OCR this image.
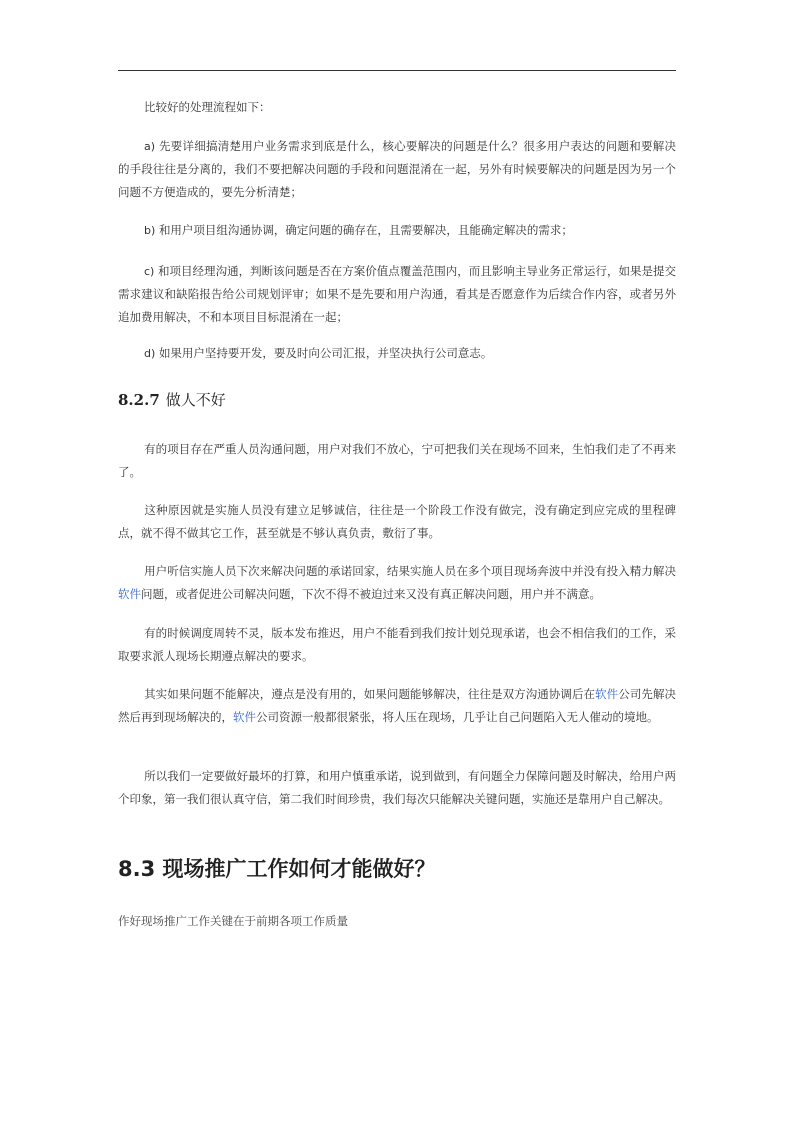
比较好的处理流程如下：

a) 先要详细搞清楚用户业务需求到底是什么，核心要解决的问题是什么？很多用户表达的问题和要解决的手段往往是分离的，我们不要把解决问题的手段和问题混淆在一起，另外有时候要解决的问题是因为另一个问题不方便造成的，要先分析清楚；

b) 和用户项目组沟通协调，确定问题的确存在，且需要解决，且能确定解决的需求；

c) 和项目经理沟通，判断该问题是否在方案价值点覆盖范围内，而且影响主导业务正常运行，如果是提交需求建议和缺陷报告给公司规划评审；如果不是先要和用户沟通，看其是否愿意作为后续合作内容，或者另外追加费用解决，不和本项目目标混淆在一起；

d) 如果用户坚持要开发，要及时向公司汇报，并坚决执行公司意志。

8.2.7 做人不好

有的项目存在严重人员沟通问题，用户对我们不放心，宁可把我们关在现场不回来，生怕我们走了不再来了。

这种原因就是实施人员没有建立足够诚信，往往是一个阶段工作没有做完，没有确定到应完成的里程碑点，就不得不做其它工作，甚至就是不够认真负责，敷衍了事。

用户听信实施人员下次来解决问题的承诺回家，结果实施人员在多个项目现场奔波中并没有投入精力解决软件问题，或者促进公司解决问题，下次不得不被迫过来又没有真正解决问题，用户并不满意。

有的时候调度周转不灵，版本发布推迟，用户不能看到我们按计划兑现承诺，也会不相信我们的工作，采取要求派人现场长期遵点解决的要求。

其实如果问题不能解决，遵点是没有用的，如果问题能够解决，往往是双方沟通协调后在软件公司先解决然后再到现场解决的，软件公司资源一般都很紧张，将人压在现场，几乎让自己问题陷入无人催动的境地。

所以我们一定要做好最坏的打算，和用户慎重承诺，说到做到，有问题全力保障问题及时解决，给用户两个印象，第一我们很认真守信，第二我们时间珍贵，我们每次只能解决关键问题，实施还是靠用户自己解决。

8.3 现场推广工作如何才能做好？
作好现场推广工作关键在于前期各项工作质量
